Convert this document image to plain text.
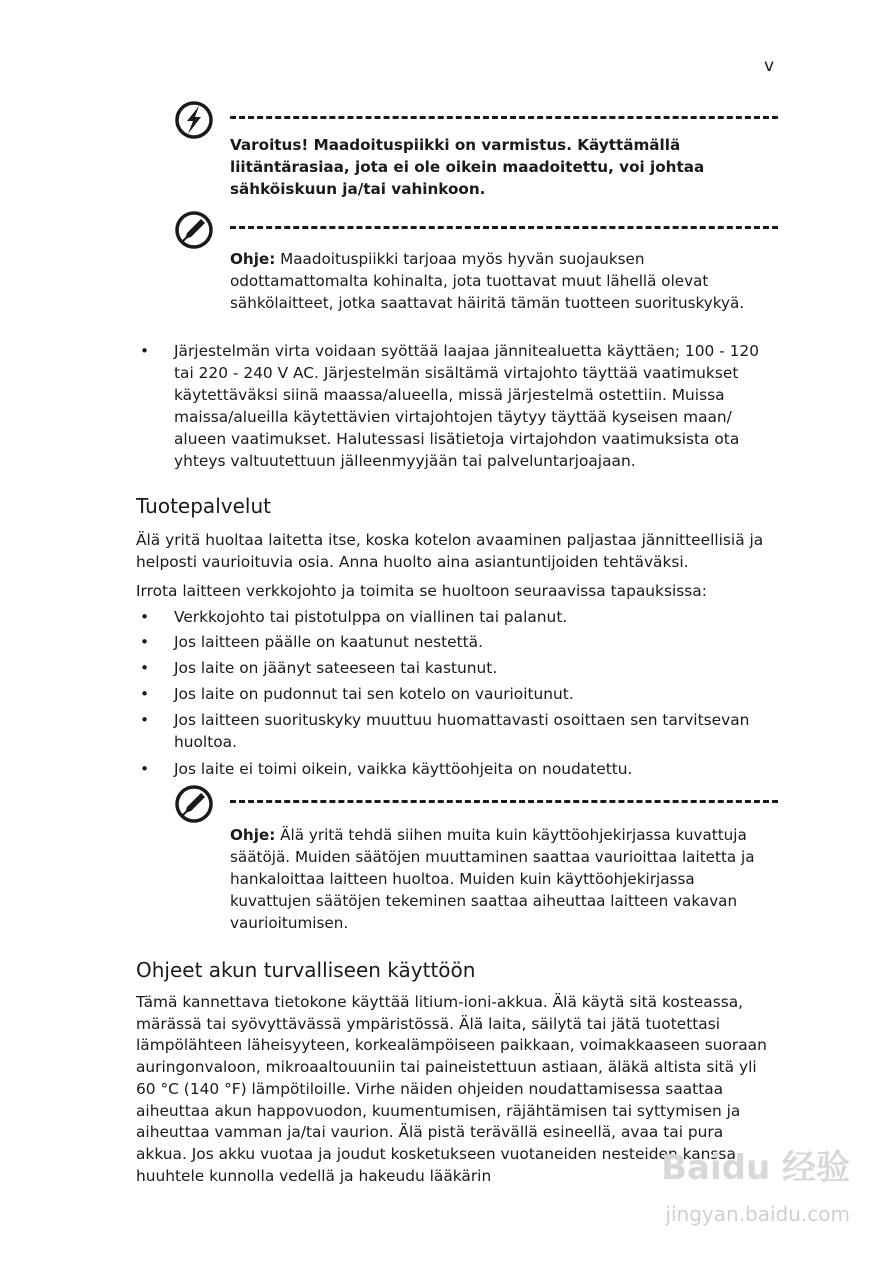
v
Varoitus! Maadoituspiikki on varmistus. Käyttämällä liitäntärasiaa, jota ei ole oikein maadoitettu, voi johtaa sähköiskuun ja/tai vahinkoon.
Ohje: Maadoituspiikki tarjoaa myös hyvän suojauksen odottamattomalta kohinalta, jota tuottavat muut lähellä olevat sähkölaitteet, jotka saattavat häiritä tämän tuotteen suorituskykyä.
• Järjestelmän virta voidaan syöttää laajaa jännitealuetta käyttäen; 100 - 120 tai 220 - 240 V AC. Järjestelmän sisältämä virtajohto täyttää vaatimukset käytettäväksi siinä maassa/alueella, missä järjestelmä ostettiin. Muissa maissa/alueilla käytettävien virtajohtojen täytyy täyttää kyseisen maan/ alueen vaatimukset. Halutessasi lisätietoja virtajohdon vaatimuksista ota yhteys valtuutettuun jälleenmyyjään tai palveluntarjoajaan.
Tuotepalvelut

Älä yritä huoltaa laitetta itse, koska kotelon avaaminen paljastaa jännitteellisiä ja helposti vaurioituvia osia. Anna huolto aina asiantuntijoiden tehtäväksi.

Irrota laitteen verkkojohto ja toimita se huoltoon seuraavissa tapauksissa:

• Verkkojohto tai pistotulppa on viallinen tai palanut.
• Jos laitteen päälle on kaatunut nestettä.
• Jos laite on jäänyt sateeseen tai kastunut.
• Jos laite on pudonnut tai sen kotelo on vaurioitunut.
• Jos laitteen suorituskyky muuttuu huomattavasti osoittaen sen tarvitsevan huoltoa.
• Jos laite ei toimi oikein, vaikka käyttöohjeita on noudatettu.
Ohje: Älä yritä tehdä siihen muita kuin käyttöohjekirjassa kuvattuja säätöjä. Muiden säätöjen muuttaminen saattaa vaurioittaa laitetta ja hankaloittaa laitteen huoltoa. Muiden kuin käyttöohjekirjassa kuvattujen säätöjen tekeminen saattaa aiheuttaa laitteen vakavan vaurioitumisen.
Ohjeet akun turvalliseen käyttöön

Tämä kannettava tietokone käyttää litium-ioni-akkua. Älä käytä sitä kosteassa, märässä tai syövyttävässä ympäristössä. Älä laita, säilytä tai jätä tuotettasi lämpölähteen läheisyyteen, korkealämpöiseen paikkaan, voimakkaaseen suoraan auringonvaloon, mikroaaltouuniin tai paineistettuun astiaan, äläkä altista sitä yli 60 °C (140 °F) lämpötiloille. Virhe näiden ohjeiden noudattamisessa saattaa aiheuttaa akun happovuodon, kuumentumisen, räjähtämisen tai syttymisen ja aiheuttaa vamman ja/tai vaurion. Älä pistä terävällä esineellä, avaa tai pura akkua. Jos akku vuotaa ja joudut kosketukseen vuotaneiden nesteiden kanssa, huuhtele kunnolla vedellä ja hakeudu lääkärin	Baidu 经验
jingyan.baidu.com
